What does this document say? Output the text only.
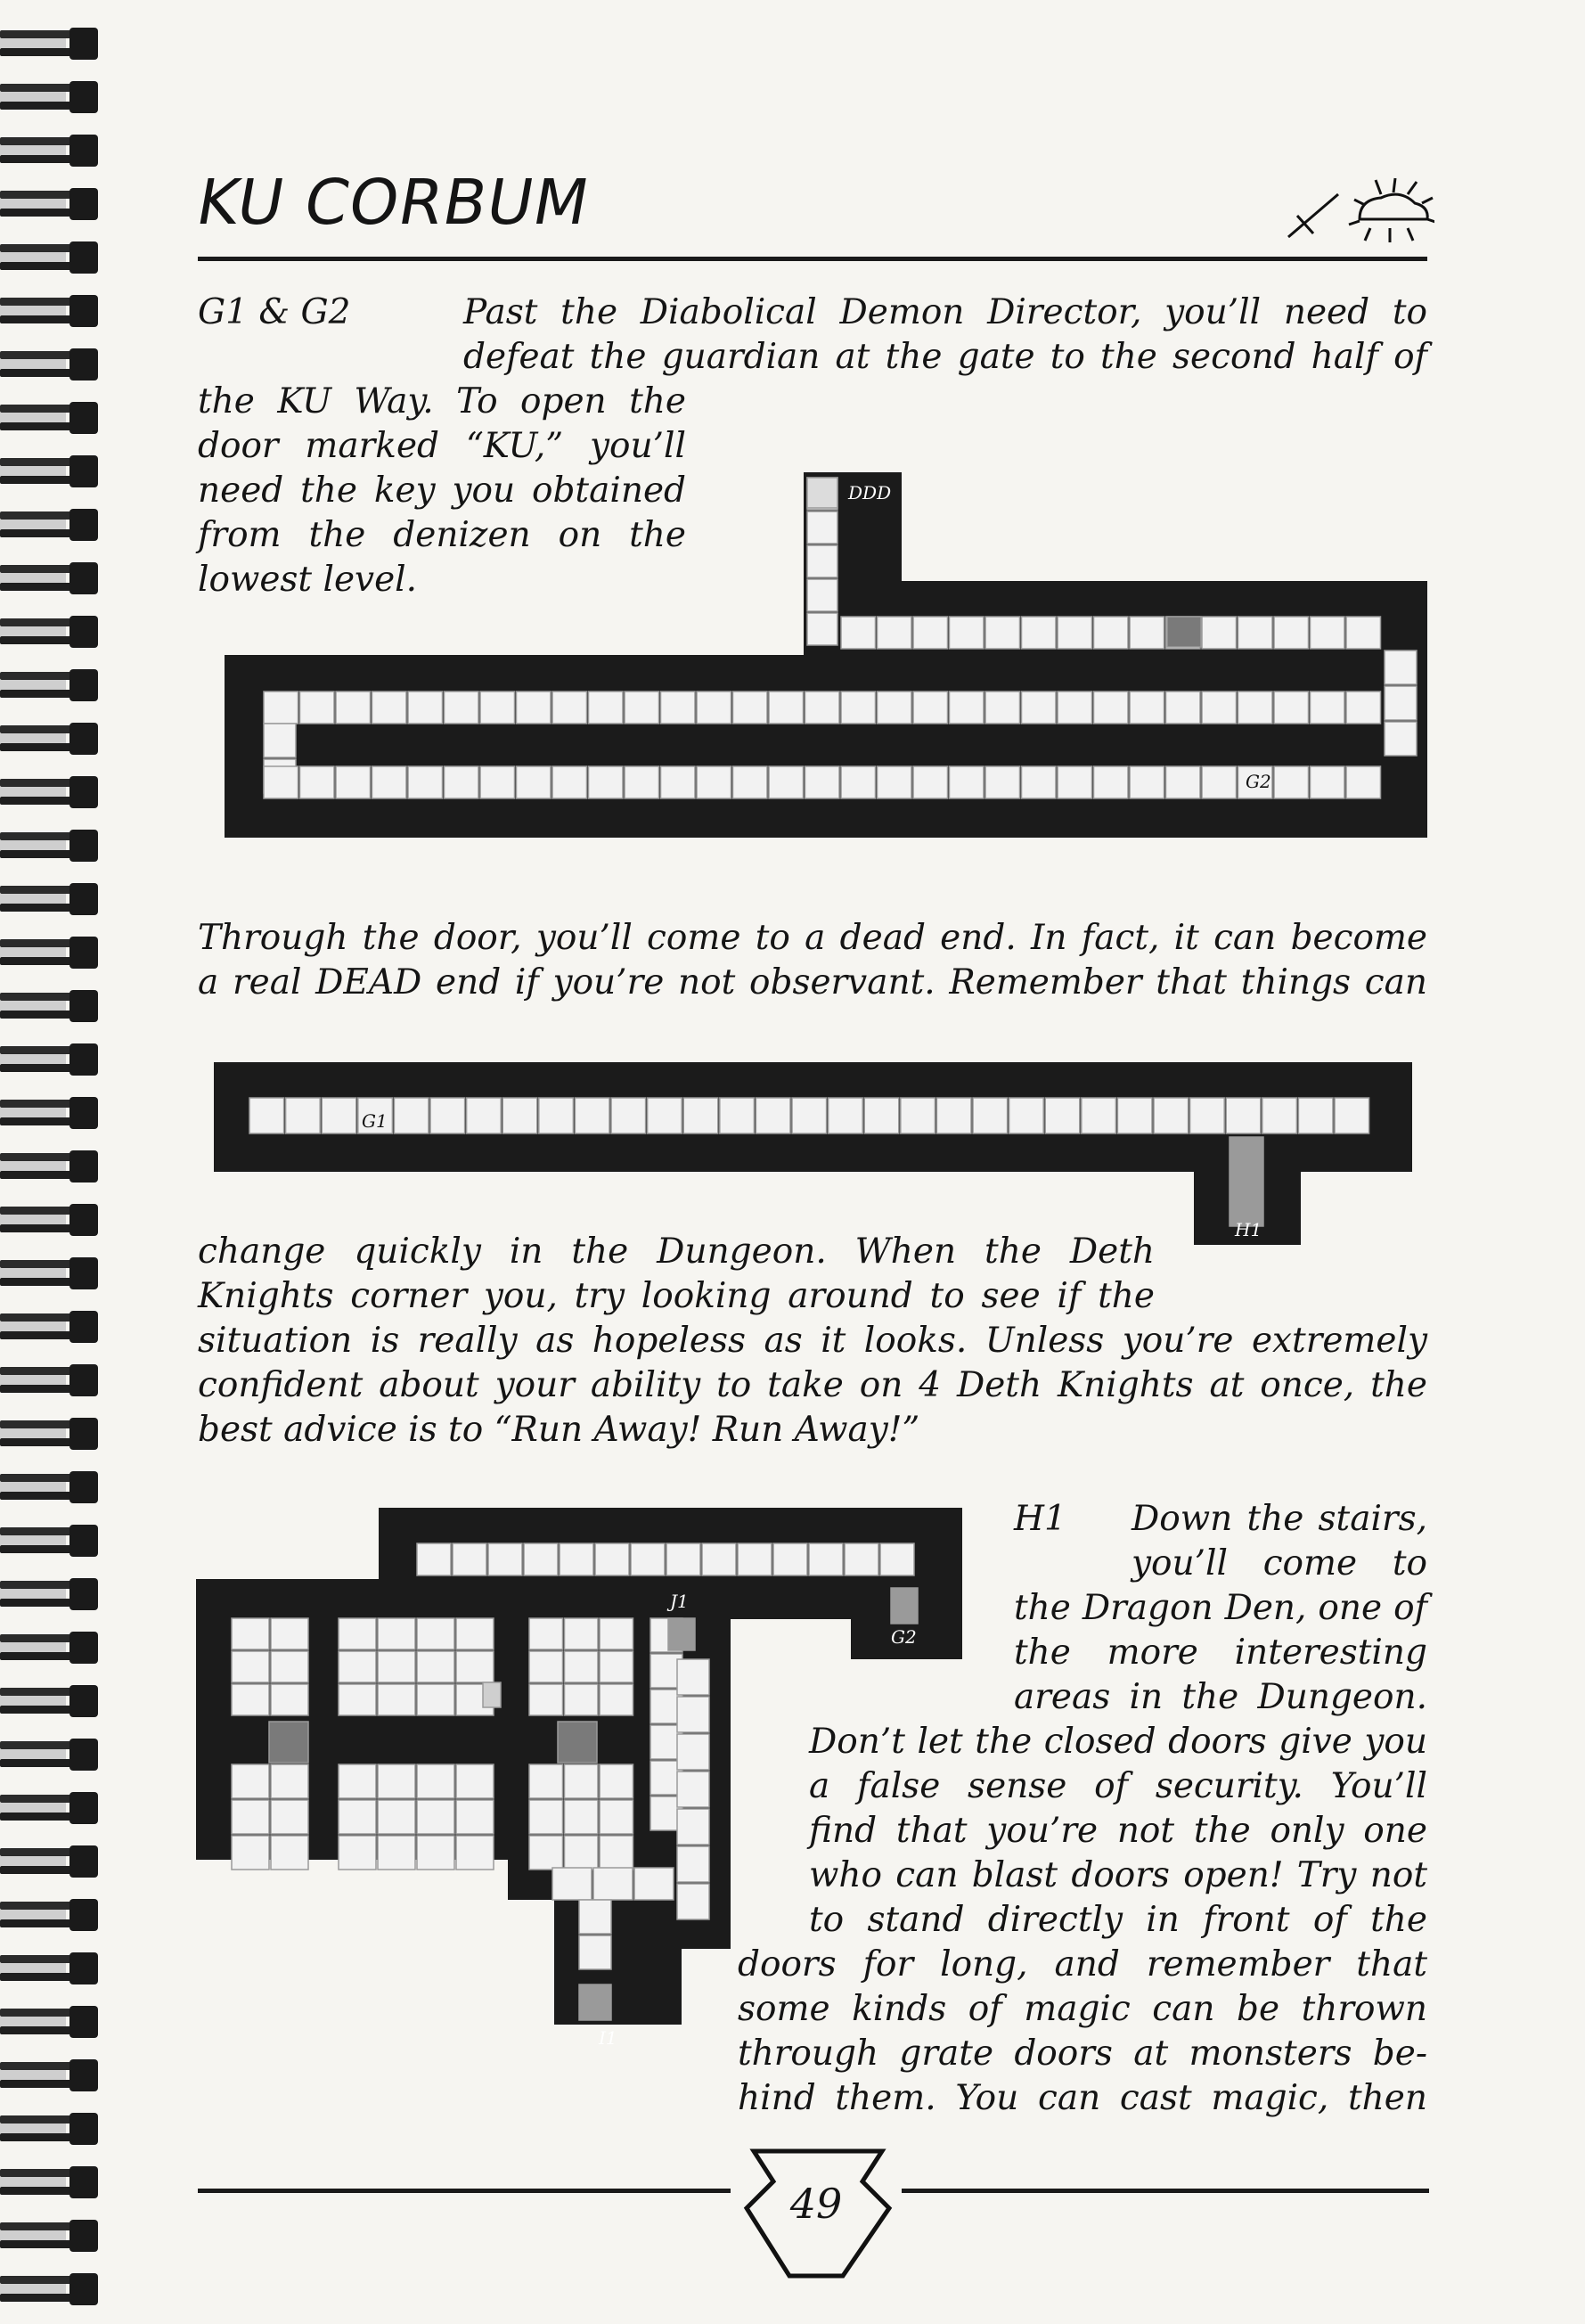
KU CORBUM
G1 & G2	Past the Diabolical Demon Director, you’ll need to

defeat the guardian at the gate to the second half of

the KU Way. To open the

door marked “KU,” you’ll

need the key you obtained

from the denizen on the

lowest level.

DDD
G2

Through the door, you’ll come to a dead end. In fact, it can become

a real DEAD end if you’re not observant. Remember that things can

G1
H1

change quickly in the Dungeon. When the Deth

Knights corner you, try looking around to see if the

situation is really as hopeless as it looks. Unless you’re extremely

confident about your ability to take on 4 Deth Knights at once, the

best advice is to “Run Away! Run Away!”

J1
G2
I1
H1 Down the stairs,

you’ll come to

the Dragon Den, one of

the more interesting

areas in the Dungeon.

Don’t let the closed doors give you

a false sense of security. You’ll

find that you’re not the only one

who can blast doors open! Try not

to stand directly in front of the

doors for long, and remember that

some kinds of magic can be thrown

through grate doors at monsters be-

hind them. You can cast magic, then

49
